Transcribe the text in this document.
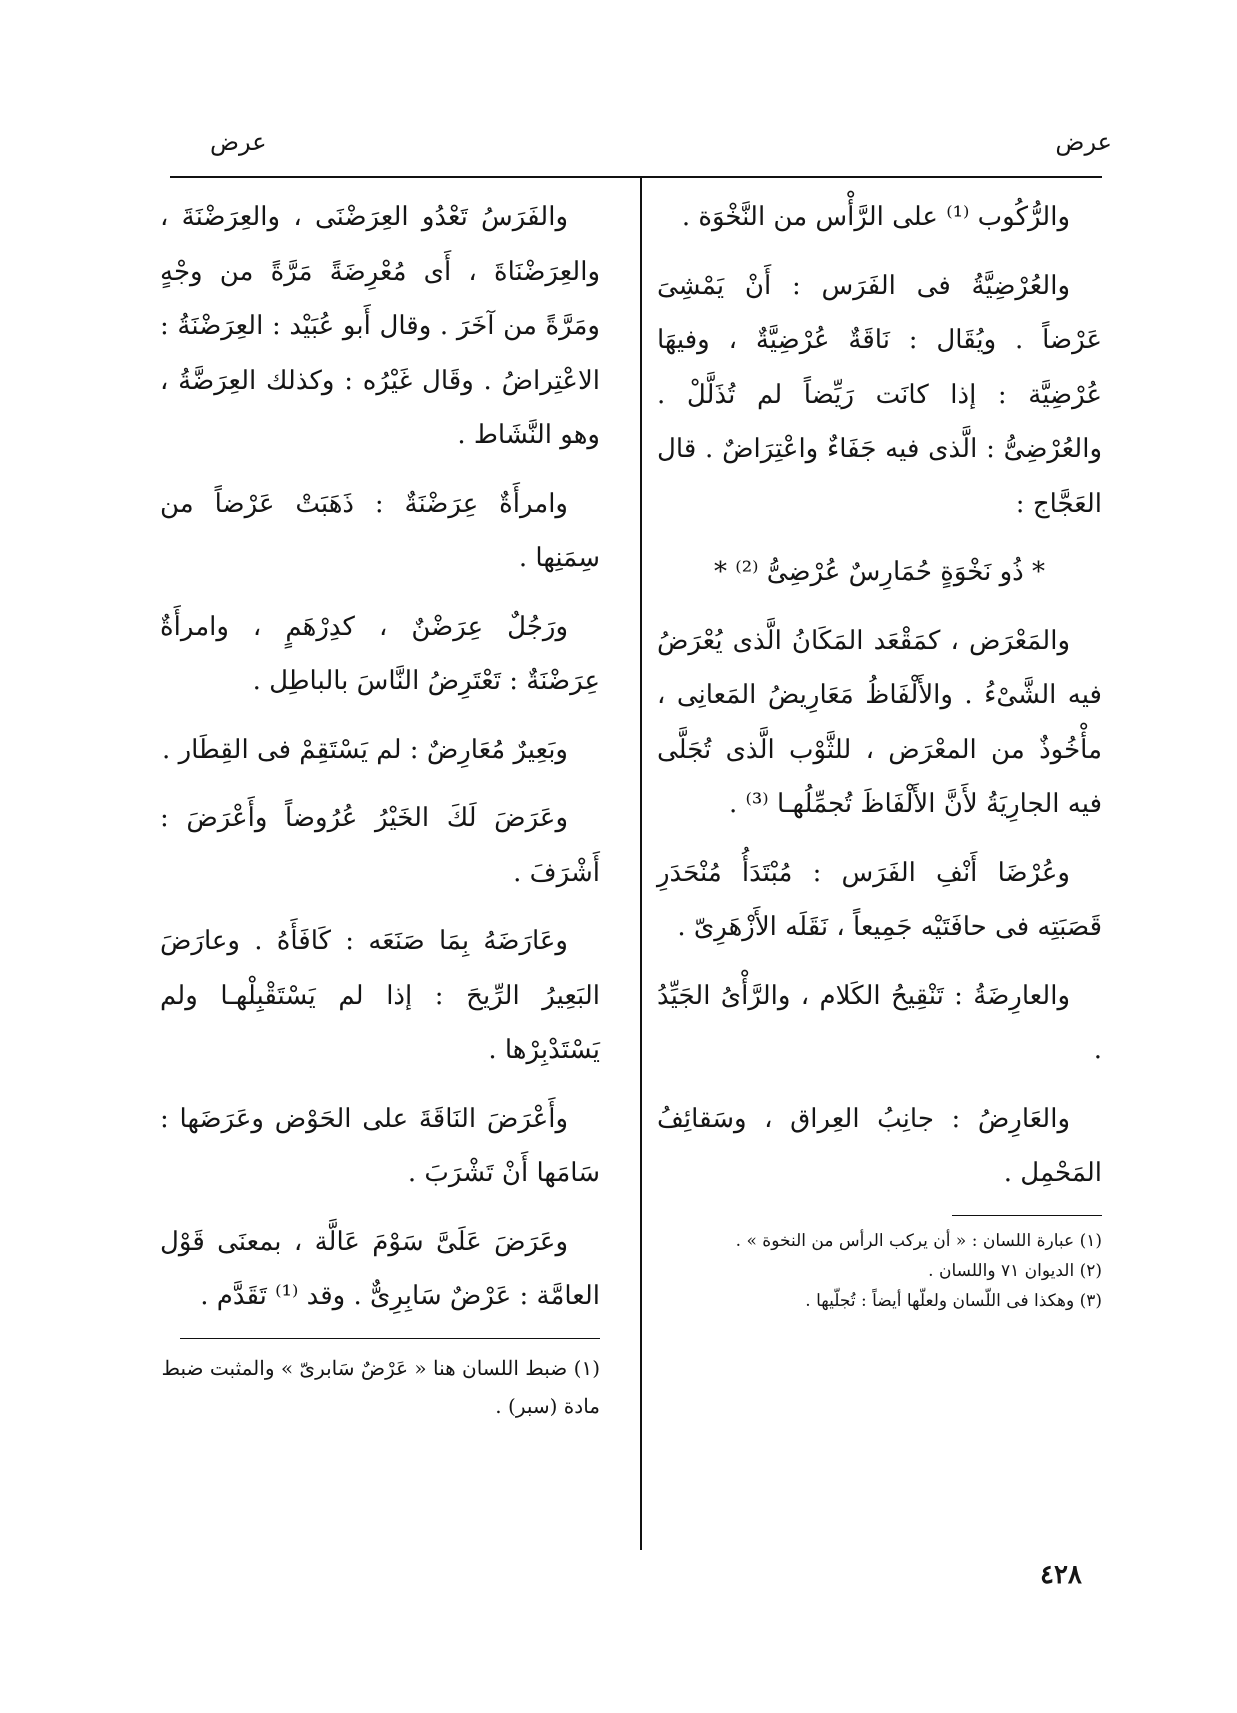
عرض
عرض

والرُّكُوب ⁽¹⁾ على الرَّأْس من النَّخْوَة .

والعُرْضِيَّةُ فى الفَرَس : أَنْ يَمْشِىَ عَرْضاً . ويُقَال : نَاقَةٌ عُرْضِيَّةٌ ، وفيهَا عُرْضِيَّة : إذا كانَت رَيِّضاً لم تُذَلَّلْ . والعُرْضِىُّ : الَّذى فيه جَفَاءٌ واعْتِرَاضٌ . قال العَجَّاج :

* ذُو نَخْوَةٍ حُمَارِسٌ عُرْضِىُّ ⁽²⁾ *

والمَعْرَض ، كمَقْعَد المَكَانُ الَّذى يُعْرَضُ فيه الشَّىْءُ . والأَلْفَاظُ مَعَارِيضُ المَعانِى ، مأْخُوذٌ من المعْرَض ، للثَّوْب الَّذى تُجَلَّى فيه الجارِيَةُ لأَنَّ الأَلْفَاظَ تُجمِّلُهـا ⁽³⁾ .

وعُرْضَا أَنْفِ الفَرَس : مُبْتَدَأُ مُنْحَدَرِ قَصَبَتِه فى حافَتَيْه جَمِيعاً ، نَقَلَه الأَزْهَرِىّ .

والعارِضَةُ : تَنْقِيحُ الكَلام ، والرَّأْىُ الجَيِّدُ .

والعَارِضُ : جانِبُ العِراق ، وسَقائِفُ المَحْمِل .

(١) عبارة اللسان : « أن يركب الرأس من النخوة » .

(٢) الديوان ٧١ واللسان .

(٣) وهكذا فى اللّسان ولعلّها أيضاً : تُجلّيها .

والفَرَسُ تَعْدُو العِرَضْنَى ، والعِرَضْنَةَ ، والعِرَضْنَاةَ ، أَى مُعْرِضَةً مَرَّةً من وجْهٍ ومَرَّةً من آخَرَ . وقال أَبو عُبَيْد : العِرَضْنَةُ : الاعْتِراضُ . وقَال غَيْرُه : وكذلك العِرَضَّةُ ، وهو النَّشَاط .

وامرأَةٌ عِرَضْنَةٌ : ذَهَبَتْ عَرْضاً من سِمَنِها .

ورَجُلٌ عِرَضْنٌ ، كدِرْهَمٍ ، وامرأَةٌ عِرَضْنَةٌ : تَعْتَرِضُ النَّاسَ بالباطِل .

وبَعِيرٌ مُعَارِضٌ : لم يَسْتَقِمْ فى القِطَار .

وعَرَضَ لَكَ الخَيْرُ عُرُوضاً وأَعْرَضَ : أَشْرَفَ .

وعَارَضَهُ بِمَا صَنَعَه : كَافَأَهُ . وعارَضَ البَعِيرُ الرِّيحَ : إذا لم يَسْتَقْبِلْهـا ولم يَسْتَدْبِرْها .

وأَعْرَضَ النَاقَةَ على الحَوْض وعَرَضَها : سَامَها أَنْ تَشْرَبَ .

وعَرَضَ عَلَىَّ سَوْمَ عَالَّة ، بمعنَى قَوْل العامَّة : عَرْضٌ سَابِرِىٌّ . وقد ⁽¹⁾ تَقَدَّم .

(١) ضبط اللسان هنا « عَرْضٌ سَابرىّ » والمثبت ضبط مادة (سبر) .

٤٢٨
